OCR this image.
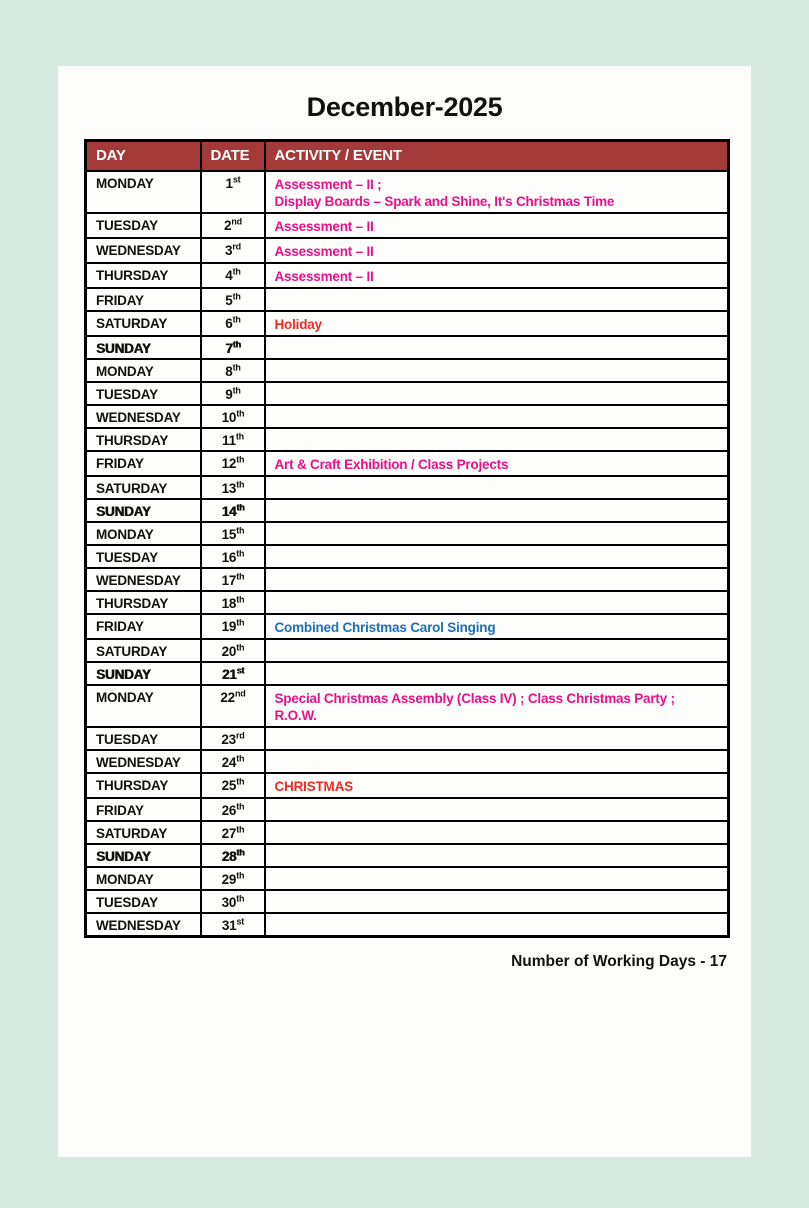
December-2025
DAY	DATE	ACTIVITY / EVENT
MONDAY	1st	Assessment – II ;
Display Boards – Spark and Shine, It's Christmas Time

TUESDAY	2nd	Assessment – II

WEDNESDAY	3rd	Assessment – II

THURSDAY	4th	Assessment – II

FRIDAY	5th	
SATURDAY	6th	Holiday

SUNDAY	7th	
MONDAY	8th	
TUESDAY	9th	
WEDNESDAY	10th	
THURSDAY	11th	
FRIDAY	12th	Art & Craft Exhibition / Class Projects

SATURDAY	13th	
SUNDAY	14th	
MONDAY	15th	
TUESDAY	16th	
WEDNESDAY	17th	
THURSDAY	18th	
FRIDAY	19th	Combined Christmas Carol Singing

SATURDAY	20th	
SUNDAY	21st	
MONDAY	22nd	Special Christmas Assembly (Class IV) ; Class Christmas Party ; R.O.W.

TUESDAY	23rd	
WEDNESDAY	24th	
THURSDAY	25th	CHRISTMAS

FRIDAY	26th	
SATURDAY	27th	
SUNDAY	28th	
MONDAY	29th	
TUESDAY	30th	
WEDNESDAY	31st	
Number of Working Days - 17
